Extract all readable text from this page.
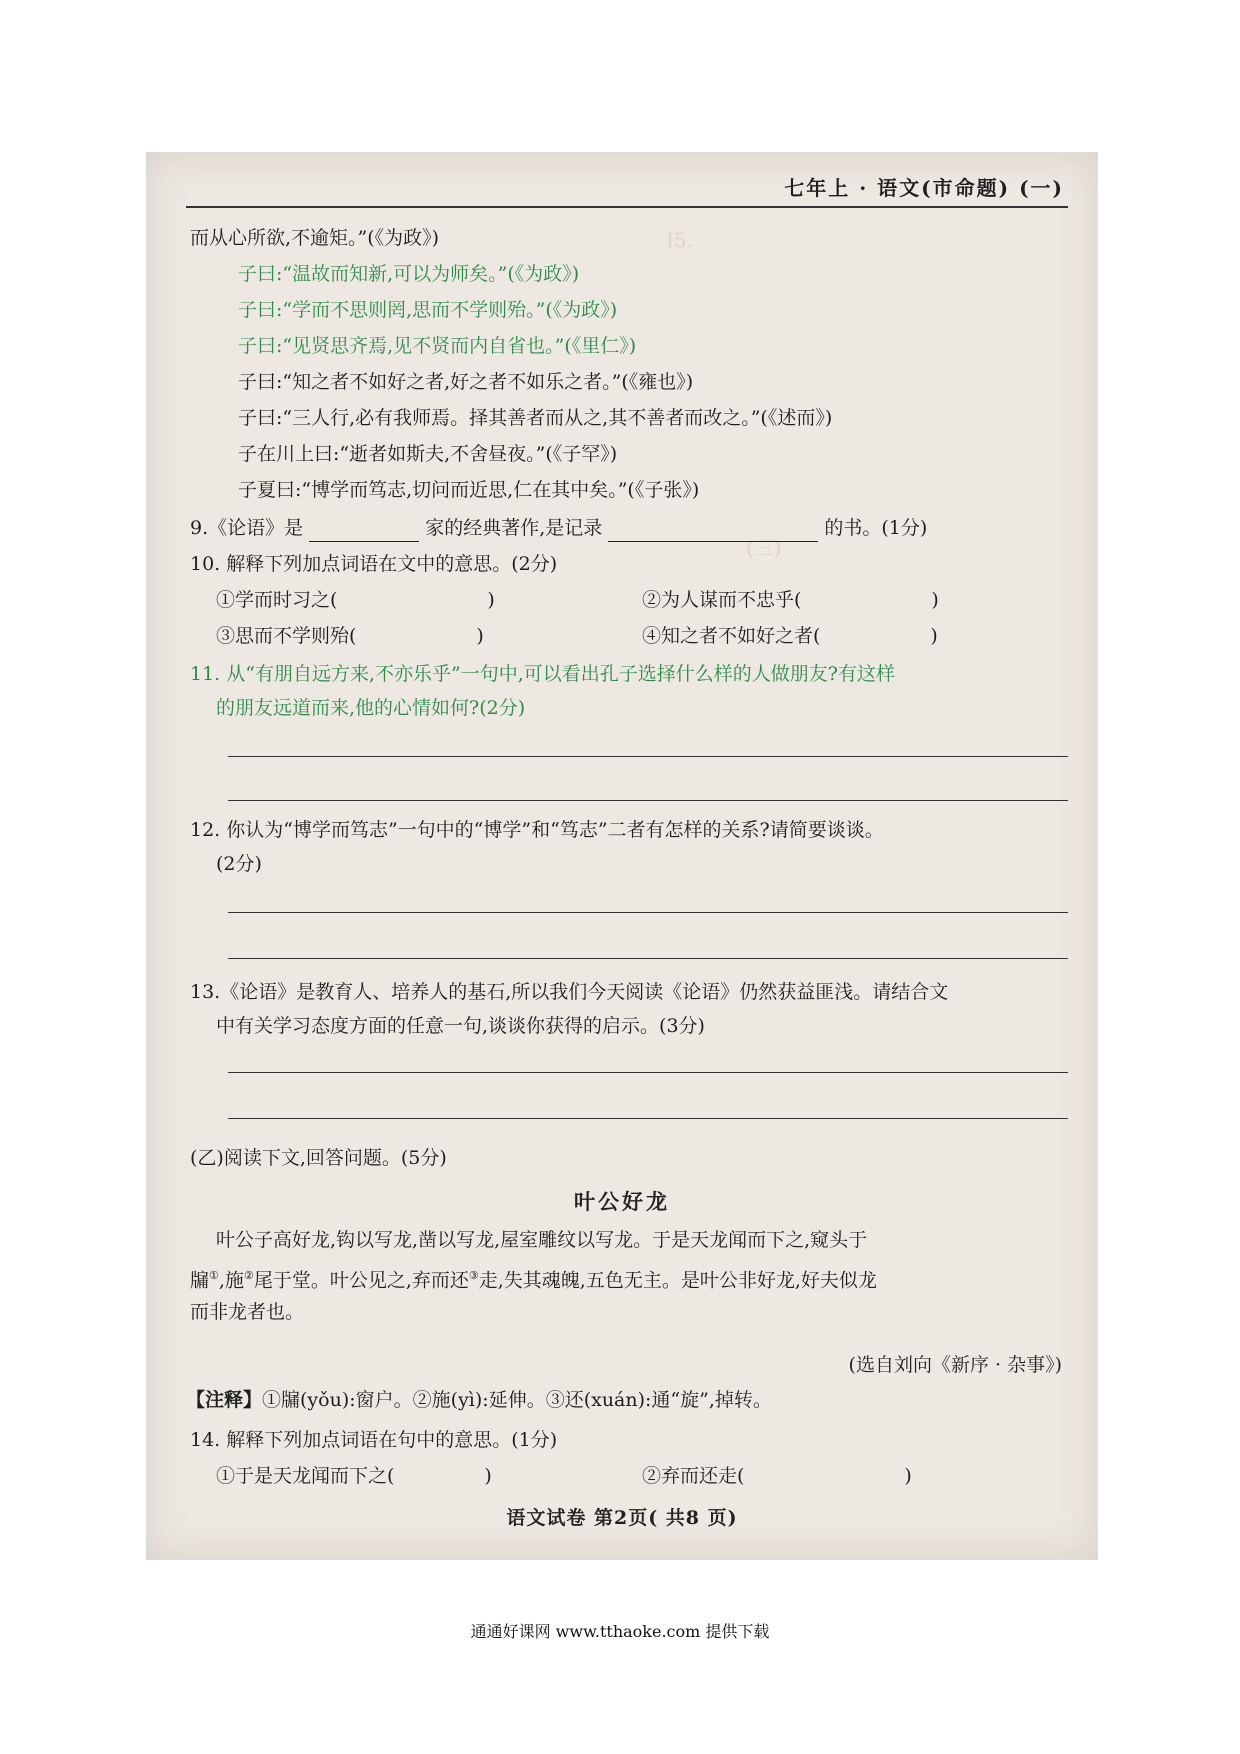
Ⅰ5.
(三)
七年上 · 语文(市命题) (一)
而从心所欲,不逾矩。”(《为政》)
子曰:“温故而知新,可以为师矣。”(《为政》)
子曰:“学而不思则罔,思而不学则殆。”(《为政》)
子曰:“见贤思齐焉,见不贤而内自省也。”(《里仁》)
子曰:“知之者不如好之者,好之者不如乐之者。”(《雍也》)
子曰:“三人行,必有我师焉。择其善者而从之,其不善者而改之。”(《述而》)
子在川上曰:“逝者如斯夫,不舍昼夜。”(《子罕》)
子夏曰:“博学而笃志,切问而近思,仁在其中矣。”(《子张》)
9.《论语》是	家的经典著作,是记录	的书。(1分)
10. 解释下列加点词语在文中的意思。(2分)
①学而时习之(	)	②为人谋而不忠乎(	)
③思而不学则殆(	)	④知之者不如好之者(	)
11. 从“有朋自远方来,不亦乐乎”一句中,可以看出孔子选择什么样的人做朋友?有这样
的朋友远道而来,他的心情如何?(2分)
12. 你认为“博学而笃志”一句中的“博学”和“笃志”二者有怎样的关系?请简要谈谈。
(2分)
13.《论语》是教育人、培养人的基石,所以我们今天阅读《论语》仍然获益匪浅。请结合文
中有关学习态度方面的任意一句,谈谈你获得的启示。(3分)
(乙)阅读下文,回答问题。(5分)
叶公好龙
叶公子高好龙,钩以写龙,凿以写龙,屋室雕纹以写龙。于是天龙闻而下之,窥头于
牖①,施②尾于堂。叶公见之,弃而还③走,失其魂魄,五色无主。是叶公非好龙,好夫似龙
而非龙者也。
(选自刘向《新序 · 杂事》)
【注释】①牖(yǒu):窗户。②施(yì):延伸。③还(xuán):通“旋”,掉转。
14. 解释下列加点词语在句中的意思。(1分)
①于是天龙闻而下之(	)	②弃而还走(	)
语文试卷 第2页( 共8 页)
通通好课网 www.tthaoke.com 提供下载
